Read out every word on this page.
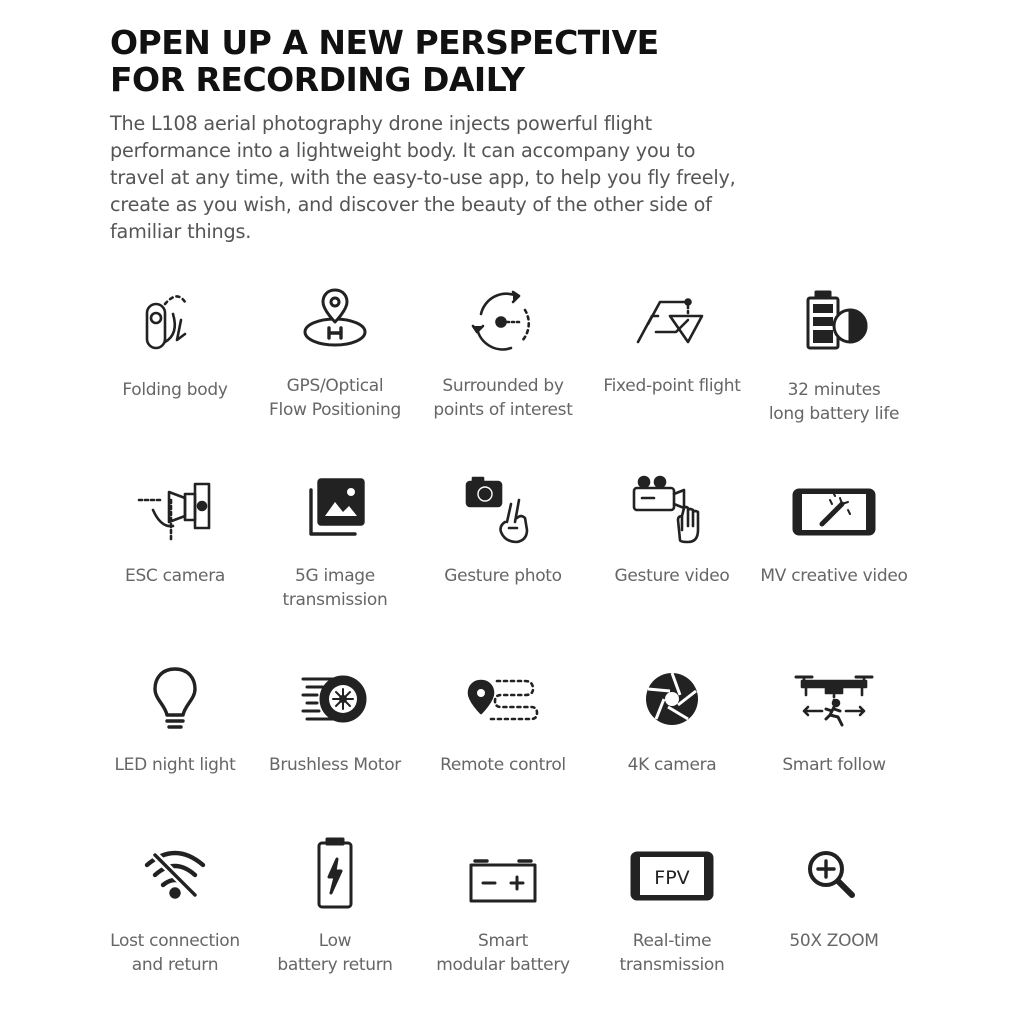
OPEN UP A NEW PERSPECTIVE
FOR RECORDING DAILY

The L108 aerial photography drone injects powerful flight
performance into a lightweight body. It can accompany you to
travel at any time, with the easy-to-use app, to help you fly freely,
create as you wish, and discover the beauty of the other side of
familiar things.

Folding body	GPS/Optical
Flow Positioning
Surrounded by
points of interest
Fixed-point flight	32 minutes
long battery life
ESC camera	5G image
transmission
Gesture photo	Gesture video MV creative video
LED night light Brushless Motor Remote control	4K camera	Smart follow
Lost connection
and return
Low
battery return
Smart
modular battery
FPV
Real-time
transmission
50X ZOOM
